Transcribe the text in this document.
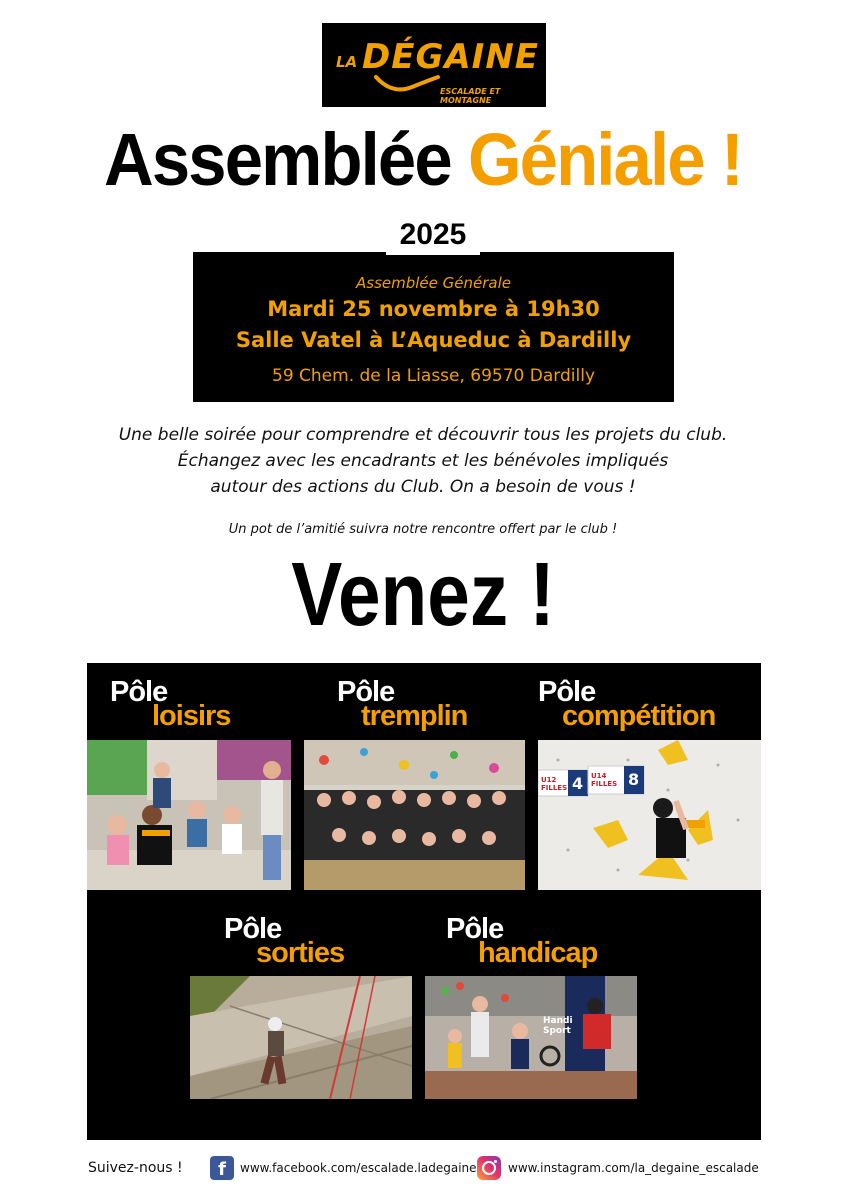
LA DÉGAINE
ESCALADE ET MONTAGNE
Assemblée Géniale !
Assemblée Générale
Mardi 25 novembre à 19h30
Salle Vatel à L’Aqueduc à Dardilly
59 Chem. de la Liasse, 69570 Dardilly
2025
Une belle soirée pour comprendre et découvrir tous les projets du club.
Échangez avec les encadrants et les bénévoles impliqués
autour des actions du Club. On a besoin de vous !
Un pot de l’amitié suivra notre rencontre offert par le club !
Venez !
Pôle
loisirs
Pôle
tremplin
Pôle
compétition
U12 FILLES 4 U14 FILLES 8
Pôle
sorties
Pôle
handicap
Handi Sport
Suivez-nous !	f	www.facebook.com/escalade.ladegaine	www.instagram.com/la_degaine_escalade
